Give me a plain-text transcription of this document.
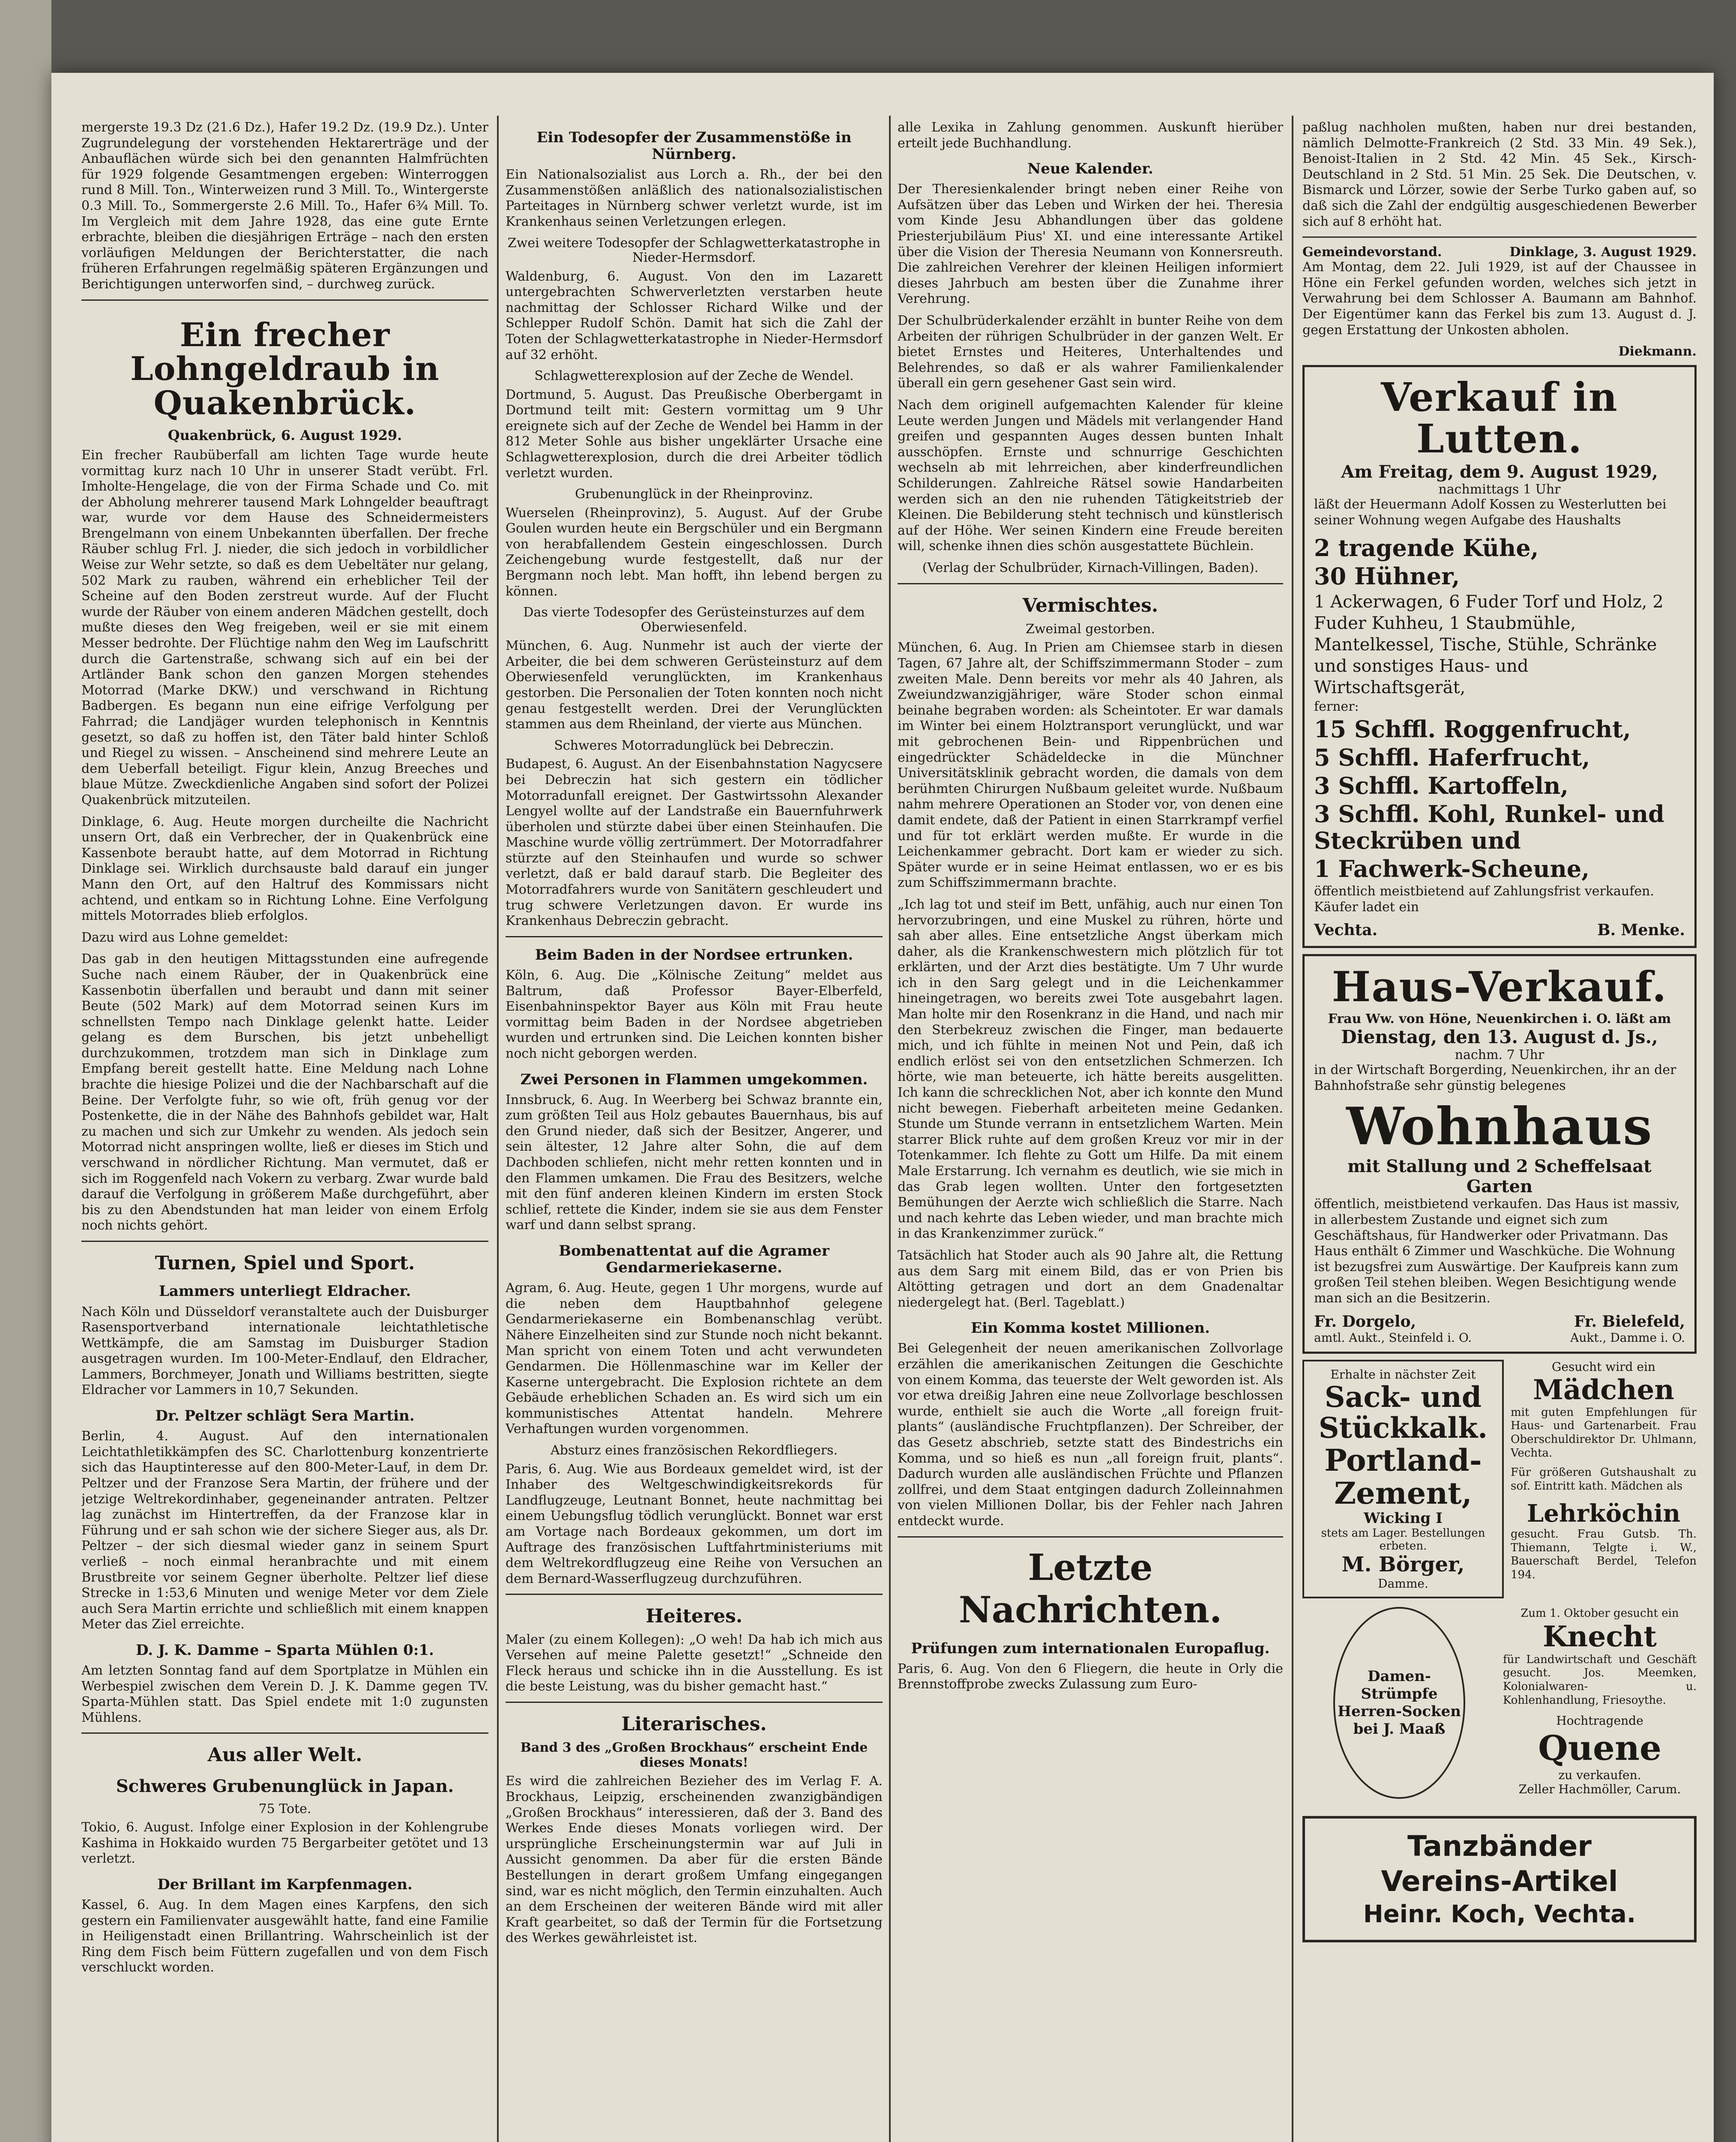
mergerste 19.3 Dz (21.6 Dz.), Hafer 19.2 Dz. (19.9 Dz.). Unter Zugrundelegung der vorstehenden Hektarerträge und der Anbauflächen würde sich bei den genannten Halmfrüchten für 1929 folgende Gesamtmengen ergeben: Winterroggen rund 8 Mill. Ton., Winterweizen rund 3 Mill. To., Wintergerste 0.3 Mill. To., Sommergerste 2.6 Mill. To., Hafer 6¾ Mill. To. Im Vergleich mit dem Jahre 1928, das eine gute Ernte erbrachte, bleiben die diesjährigen Erträge – nach den ersten vorläufigen Meldungen der Berichterstatter, die nach früheren Erfahrungen regelmäßig späteren Ergänzungen und Berichtigungen unterworfen sind, – durchweg zurück.

Ein frecher Lohngeldraub in Quakenbrück.
Quakenbrück, 6. August 1929.

Ein frecher Raubüberfall am lichten Tage wurde heute vormittag kurz nach 10 Uhr in unserer Stadt verübt. Frl. Imholte-Hengelage, die von der Firma Schade und Co. mit der Abholung mehrerer tausend Mark Lohngelder beauftragt war, wurde vor dem Hause des Schneidermeisters Brengelmann von einem Unbekannten überfallen. Der freche Räuber schlug Frl. J. nieder, die sich jedoch in vorbildlicher Weise zur Wehr setzte, so daß es dem Uebeltäter nur gelang, 502 Mark zu rauben, während ein erheblicher Teil der Scheine auf den Boden zerstreut wurde. Auf der Flucht wurde der Räuber von einem anderen Mädchen gestellt, doch mußte dieses den Weg freigeben, weil er sie mit einem Messer bedrohte. Der Flüchtige nahm den Weg im Laufschritt durch die Gartenstraße, schwang sich auf ein bei der Artländer Bank schon den ganzen Morgen stehendes Motorrad (Marke DKW.) und verschwand in Richtung Badbergen. Es begann nun eine eifrige Verfolgung per Fahrrad; die Landjäger wurden telephonisch in Kenntnis gesetzt, so daß zu hoffen ist, den Täter bald hinter Schloß und Riegel zu wissen. – Anscheinend sind mehrere Leute an dem Ueberfall beteiligt. Figur klein, Anzug Breeches und blaue Mütze. Zweckdienliche Angaben sind sofort der Polizei Quakenbrück mitzuteilen.

Dinklage, 6. Aug. Heute morgen durcheilte die Nachricht unsern Ort, daß ein Verbrecher, der in Quakenbrück eine Kassenbote beraubt hatte, auf dem Motorrad in Richtung Dinklage sei. Wirklich durchsauste bald darauf ein junger Mann den Ort, auf den Haltruf des Kommissars nicht achtend, und entkam so in Richtung Lohne. Eine Verfolgung mittels Motorrades blieb erfolglos.

Dazu wird aus Lohne gemeldet:

Das gab in den heutigen Mittagsstunden eine aufregende Suche nach einem Räuber, der in Quakenbrück eine Kassenbotin überfallen und beraubt und dann mit seiner Beute (502 Mark) auf dem Motorrad seinen Kurs im schnellsten Tempo nach Dinklage gelenkt hatte. Leider gelang es dem Burschen, bis jetzt unbehelligt durchzukommen, trotzdem man sich in Dinklage zum Empfang bereit gestellt hatte. Eine Meldung nach Lohne brachte die hiesige Polizei und die der Nachbarschaft auf die Beine. Der Verfolgte fuhr, so wie oft, früh genug vor der Postenkette, die in der Nähe des Bahnhofs gebildet war, Halt zu machen und sich zur Umkehr zu wenden. Als jedoch sein Motorrad nicht anspringen wollte, ließ er dieses im Stich und verschwand in nördlicher Richtung. Man vermutet, daß er sich im Roggenfeld nach Vokern zu verbarg. Zwar wurde bald darauf die Verfolgung in größerem Maße durchgeführt, aber bis zu den Abendstunden hat man leider von einem Erfolg noch nichts gehört.

Turnen, Spiel und Sport.
Lammers unterliegt Eldracher.

Nach Köln und Düsseldorf veranstaltete auch der Duisburger Rasensportverband internationale leichtathletische Wettkämpfe, die am Samstag im Duisburger Stadion ausgetragen wurden. Im 100-Meter-Endlauf, den Eldracher, Lammers, Borchmeyer, Jonath und Williams bestritten, siegte Eldracher vor Lammers in 10,7 Sekunden.

Dr. Peltzer schlägt Sera Martin.

Berlin, 4. August. Auf den internationalen Leichtathletikkämpfen des SC. Charlottenburg konzentrierte sich das Hauptinteresse auf den 800-Meter-Lauf, in dem Dr. Peltzer und der Franzose Sera Martin, der frühere und der jetzige Weltrekordinhaber, gegeneinander antraten. Peltzer lag zunächst im Hintertreffen, da der Franzose klar in Führung und er sah schon wie der sichere Sieger aus, als Dr. Peltzer – der sich diesmal wieder ganz in seinem Spurt verließ – noch einmal heranbrachte und mit einem Brustbreite vor seinem Gegner überholte. Peltzer lief diese Strecke in 1:53,6 Minuten und wenige Meter vor dem Ziele auch Sera Martin errichte und schließlich mit einem knappen Meter das Ziel erreichte.

D. J. K. Damme – Sparta Mühlen 0:1.

Am letzten Sonntag fand auf dem Sportplatze in Mühlen ein Werbespiel zwischen dem Verein D. J. K. Damme gegen TV. Sparta-Mühlen statt. Das Spiel endete mit 1:0 zugunsten Mühlens.

Aus aller Welt.
Schweres Grubenunglück in Japan.
75 Tote.

Tokio, 6. August. Infolge einer Explosion in der Kohlengrube Kashima in Hokkaido wurden 75 Bergarbeiter getötet und 13 verletzt.

Der Brillant im Karpfenmagen.

Kassel, 6. Aug. In dem Magen eines Karpfens, den sich gestern ein Familienvater ausgewählt hatte, fand eine Familie in Heiligenstadt einen Brillantring. Wahrscheinlich ist der Ring dem Fisch beim Füttern zugefallen und von dem Fisch verschluckt worden.

Ein Todesopfer der Zusammenstöße in Nürnberg.

Ein Nationalsozialist aus Lorch a. Rh., der bei den Zusammenstößen anläßlich des nationalsozialistischen Parteitages in Nürnberg schwer verletzt wurde, ist im Krankenhaus seinen Verletzungen erlegen.

Zwei weitere Todesopfer der Schlagwetterkatastrophe in Nieder-Hermsdorf.

Waldenburg, 6. August. Von den im Lazarett untergebrachten Schwerverletzten verstarben heute nachmittag der Schlosser Richard Wilke und der Schlepper Rudolf Schön. Damit hat sich die Zahl der Toten der Schlagwetterkatastrophe in Nieder-Hermsdorf auf 32 erhöht.

Schlagwetterexplosion auf der Zeche de Wendel.

Dortmund, 5. August. Das Preußische Oberbergamt in Dortmund teilt mit: Gestern vormittag um 9 Uhr ereignete sich auf der Zeche de Wendel bei Hamm in der 812 Meter Sohle aus bisher ungeklärter Ursache eine Schlagwetterexplosion, durch die drei Arbeiter tödlich verletzt wurden.

Grubenunglück in der Rheinprovinz.

Wuerselen (Rheinprovinz), 5. August. Auf der Grube Goulen wurden heute ein Bergschüler und ein Bergmann von herabfallendem Gestein eingeschlossen. Durch Zeichengebung wurde festgestellt, daß nur der Bergmann noch lebt. Man hofft, ihn lebend bergen zu können.

Das vierte Todesopfer des Gerüsteinsturzes auf dem Oberwiesenfeld.

München, 6. Aug. Nunmehr ist auch der vierte der Arbeiter, die bei dem schweren Gerüsteinsturz auf dem Oberwiesenfeld verunglückten, im Krankenhaus gestorben. Die Personalien der Toten konnten noch nicht genau festgestellt werden. Drei der Verunglückten stammen aus dem Rheinland, der vierte aus München.

Schweres Motorradunglück bei Debreczin.

Budapest, 6. August. An der Eisenbahnstation Nagycsere bei Debreczin hat sich gestern ein tödlicher Motorradunfall ereignet. Der Gastwirtssohn Alexander Lengyel wollte auf der Landstraße ein Bauernfuhrwerk überholen und stürzte dabei über einen Steinhaufen. Die Maschine wurde völlig zertrümmert. Der Motorradfahrer stürzte auf den Steinhaufen und wurde so schwer verletzt, daß er bald darauf starb. Die Begleiter des Motorradfahrers wurde von Sanitätern geschleudert und trug schwere Verletzungen davon. Er wurde ins Krankenhaus Debreczin gebracht.

Beim Baden in der Nordsee ertrunken.

Köln, 6. Aug. Die „Kölnische Zeitung“ meldet aus Baltrum, daß Professor Bayer-Elberfeld, Eisenbahninspektor Bayer aus Köln mit Frau heute vormittag beim Baden in der Nordsee abgetrieben wurden und ertrunken sind. Die Leichen konnten bisher noch nicht geborgen werden.

Zwei Personen in Flammen umgekommen.

Innsbruck, 6. Aug. In Weerberg bei Schwaz brannte ein, zum größten Teil aus Holz gebautes Bauernhaus, bis auf den Grund nieder, daß sich der Besitzer, Angerer, und sein ältester, 12 Jahre alter Sohn, die auf dem Dachboden schliefen, nicht mehr retten konnten und in den Flammen umkamen. Die Frau des Besitzers, welche mit den fünf anderen kleinen Kindern im ersten Stock schlief, rettete die Kinder, indem sie sie aus dem Fenster warf und dann selbst sprang.

Bombenattentat auf die Agramer Gendarmeriekaserne.

Agram, 6. Aug. Heute, gegen 1 Uhr morgens, wurde auf die neben dem Hauptbahnhof gelegene Gendarmeriekaserne ein Bombenanschlag verübt. Nähere Einzelheiten sind zur Stunde noch nicht bekannt. Man spricht von einem Toten und acht verwundeten Gendarmen. Die Höllenmaschine war im Keller der Kaserne untergebracht. Die Explosion richtete an dem Gebäude erheblichen Schaden an. Es wird sich um ein kommunistisches Attentat handeln. Mehrere Verhaftungen wurden vorgenommen.

Absturz eines französischen Rekordfliegers.

Paris, 6. Aug. Wie aus Bordeaux gemeldet wird, ist der Inhaber des Weltgeschwindigkeitsrekords für Landflugzeuge, Leutnant Bonnet, heute nachmittag bei einem Uebungsflug tödlich verunglückt. Bonnet war erst am Vortage nach Bordeaux gekommen, um dort im Auftrage des französischen Luftfahrtministeriums mit dem Weltrekordflugzeug eine Reihe von Versuchen an dem Bernard-Wasserflugzeug durchzuführen.

Heiteres.

Maler (zu einem Kollegen): „O weh! Da hab ich mich aus Versehen auf meine Palette gesetzt!“ „Schneide den Fleck heraus und schicke ihn in die Ausstellung. Es ist die beste Leistung, was du bisher gemacht hast.“

Literarisches.
Band 3 des „Großen Brockhaus“ erscheint Ende dieses Monats!

Es wird die zahlreichen Bezieher des im Verlag F. A. Brockhaus, Leipzig, erscheinenden zwanzigbändigen „Großen Brockhaus“ interessieren, daß der 3. Band des Werkes Ende dieses Monats vorliegen wird. Der ursprüngliche Erscheinungstermin war auf Juli in Aussicht genommen. Da aber für die ersten Bände Bestellungen in derart großem Umfang eingegangen sind, war es nicht möglich, den Termin einzuhalten. Auch an dem Erscheinen der weiteren Bände wird mit aller Kraft gearbeitet, so daß der Termin für die Fortsetzung des Werkes gewährleistet ist.

alle Lexika in Zahlung genommen. Auskunft hierüber erteilt jede Buchhandlung.

Neue Kalender.

Der Theresienkalender bringt neben einer Reihe von Aufsätzen über das Leben und Wirken der hei. Theresia vom Kinde Jesu Abhandlungen über das goldene Priesterjubiläum Pius' XI. und eine interessante Artikel über die Vision der Theresia Neumann von Konnersreuth. Die zahlreichen Verehrer der kleinen Heiligen informiert dieses Jahrbuch am besten über die Zunahme ihrer Verehrung.

Der Schulbrüderkalender erzählt in bunter Reihe von dem Arbeiten der rührigen Schulbrüder in der ganzen Welt. Er bietet Ernstes und Heiteres, Unterhaltendes und Belehrendes, so daß er als wahrer Familienkalender überall ein gern gesehener Gast sein wird.

Nach dem originell aufgemachten Kalender für kleine Leute werden Jungen und Mädels mit verlangender Hand greifen und gespannten Auges dessen bunten Inhalt ausschöpfen. Ernste und schnurrige Geschichten wechseln ab mit lehrreichen, aber kinderfreundlichen Schilderungen. Zahlreiche Rätsel sowie Handarbeiten werden sich an den nie ruhenden Tätigkeitstrieb der Kleinen. Die Bebilderung steht technisch und künstlerisch auf der Höhe. Wer seinen Kindern eine Freude bereiten will, schenke ihnen dies schön ausgestattete Büchlein.

(Verlag der Schulbrüder, Kirnach-Villingen, Baden).

Vermischtes.
Zweimal gestorben.

München, 6. Aug. In Prien am Chiemsee starb in diesen Tagen, 67 Jahre alt, der Schiffszimmermann Stoder – zum zweiten Male. Denn bereits vor mehr als 40 Jahren, als Zweiundzwanzigjähriger, wäre Stoder schon einmal beinahe begraben worden: als Scheintoter. Er war damals im Winter bei einem Holztransport verunglückt, und war mit gebrochenen Bein- und Rippenbrüchen und eingedrückter Schädeldecke in die Münchner Universitätsklinik gebracht worden, die damals von dem berühmten Chirurgen Nußbaum geleitet wurde. Nußbaum nahm mehrere Operationen an Stoder vor, von denen eine damit endete, daß der Patient in einen Starrkrampf verfiel und für tot erklärt werden mußte. Er wurde in die Leichenkammer gebracht. Dort kam er wieder zu sich. Später wurde er in seine Heimat entlassen, wo er es bis zum Schiffszimmermann brachte.

„Ich lag tot und steif im Bett, unfähig, auch nur einen Ton hervorzubringen, und eine Muskel zu rühren, hörte und sah aber alles. Eine entsetzliche Angst überkam mich daher, als die Krankenschwestern mich plötzlich für tot erklärten, und der Arzt dies bestätigte. Um 7 Uhr wurde ich in den Sarg gelegt und in die Leichenkammer hineingetragen, wo bereits zwei Tote ausgebahrt lagen. Man holte mir den Rosenkranz in die Hand, und nach mir den Sterbekreuz zwischen die Finger, man bedauerte mich, und ich fühlte in meinen Not und Pein, daß ich endlich erlöst sei von den entsetzlichen Schmerzen. Ich hörte, wie man beteuerte, ich hätte bereits ausgelitten. Ich kann die schrecklichen Not, aber ich konnte den Mund nicht bewegen. Fieberhaft arbeiteten meine Gedanken. Stunde um Stunde verrann in entsetzlichem Warten. Mein starrer Blick ruhte auf dem großen Kreuz vor mir in der Totenkammer. Ich flehte zu Gott um Hilfe. Da mit einem Male Erstarrung. Ich vernahm es deutlich, wie sie mich in das Grab legen wollten. Unter den fortgesetzten Bemühungen der Aerzte wich schließlich die Starre. Nach und nach kehrte das Leben wieder, und man brachte mich in das Krankenzimmer zurück.“

Tatsächlich hat Stoder auch als 90 Jahre alt, die Rettung aus dem Sarg mit einem Bild, das er von Prien bis Altötting getragen und dort an dem Gnadenaltar niedergelegt hat. (Berl. Tageblatt.)

Ein Komma kostet Millionen.

Bei Gelegenheit der neuen amerikanischen Zollvorlage erzählen die amerikanischen Zeitungen die Geschichte von einem Komma, das teuerste der Welt geworden ist. Als vor etwa dreißig Jahren eine neue Zollvorlage beschlossen wurde, enthielt sie auch die Worte „all foreign fruit-plants“ (ausländische Fruchtpflanzen). Der Schreiber, der das Gesetz abschrieb, setzte statt des Bindestrichs ein Komma, und so hieß es nun „all foreign fruit, plants“. Dadurch wurden alle ausländischen Früchte und Pflanzen zollfrei, und dem Staat entgingen dadurch Zolleinnahmen von vielen Millionen Dollar, bis der Fehler nach Jahren entdeckt wurde.

Letzte Nachrichten.
Prüfungen zum internationalen Europaflug.

Paris, 6. Aug. Von den 6 Fliegern, die heute in Orly die Brennstoffprobe zwecks Zulassung zum Euro-

paßlug nachholen mußten, haben nur drei bestanden, nämlich Delmotte-Frankreich (2 Std. 33 Min. 49 Sek.), Benoist-Italien in 2 Std. 42 Min. 45 Sek., Kirsch-Deutschland in 2 Std. 51 Min. 25 Sek. Die Deutschen, v. Bismarck und Lörzer, sowie der Serbe Turko gaben auf, so daß sich die Zahl der endgültig ausgeschiedenen Bewerber sich auf 8 erhöht hat.

Gemeindevorstand.	Dinklage, 3. August 1929.

Am Montag, dem 22. Juli 1929, ist auf der Chaussee in Höne ein Ferkel gefunden worden, welches sich jetzt in Verwahrung bei dem Schlosser A. Baumann am Bahnhof. Der Eigentümer kann das Ferkel bis zum 13. August d. J. gegen Erstattung der Unkosten abholen.

Diekmann.
Verkauf in Lutten.
Am Freitag, dem 9. August 1929,
nachmittags 1 Uhr

läßt der Heuermann Adolf Kossen zu Westerlutten bei seiner Wohnung wegen Aufgabe des Haushalts

2 tragende Kühe,
30 Hühner,
1 Ackerwagen, 6 Fuder Torf und Holz, 2 Fuder Kuhheu, 1 Staubmühle, Mantelkessel, Tische, Stühle, Schränke und sonstiges Haus- und Wirtschaftsgerät,
ferner:
15 Schffl. Roggenfrucht,
5 Schffl. Haferfrucht,
3 Schffl. Kartoffeln,
3 Schffl. Kohl, Runkel- und Steckrüben und
1 Fachwerk-Scheune,

öffentlich meistbietend auf Zahlungsfrist verkaufen. Käufer ladet ein

Vechta.	B. Menke.
Haus-Verkauf.
Frau Ww. von Höne, Neuenkirchen i. O. läßt am
Dienstag, den 13. August d. Js.,
nachm. 7 Uhr

in der Wirtschaft Borgerding, Neuenkirchen, ihr an der Bahnhofstraße sehr günstig belegenes

Wohnhaus
mit Stallung und 2 Scheffelsaat Garten

öffentlich, meistbietend verkaufen. Das Haus ist massiv, in allerbestem Zustande und eignet sich zum Geschäftshaus, für Handwerker oder Privatmann. Das Haus enthält 6 Zimmer und Waschküche. Die Wohnung ist bezugsfrei zum Auswärtige. Der Kaufpreis kann zum großen Teil stehen bleiben. Wegen Besichtigung wende man sich an die Besitzerin.

Fr. Dorgelo,	Fr. Bielefeld,
amtl. Aukt., Steinfeld i. O.	Aukt., Damme i. O.
Erhalte in nächster Zeit
Sack- und Stückkalk.
Portland-Zement,
Wicking I
stets am Lager. Bestellungen erbeten.
M. Börger,
Damme.
Gesucht wird ein
Mädchen

mit guten Empfehlungen für Haus- und Gartenarbeit. Frau Oberschuldirektor Dr. Uhlmann, Vechta.

Für größeren Gutshaushalt zu sof. Eintritt kath. Mädchen als

Lehrköchin

gesucht. Frau Gutsb. Th. Thiemann, Telgte i. W., Bauerschaft Berdel, Telefon 194.

Damen-Strümpfe
Herren-Socken
bei J. Maaß
Zum 1. Oktober gesucht ein
Knecht

für Landwirtschaft und Geschäft gesucht. Jos. Meemken, Kolonialwaren- u. Kohlenhandlung, Friesoythe.

Hochtragende
Quene
zu verkaufen.
Zeller Hachmöller, Carum.
Tanzbänder
Vereins-Artikel
Heinr. Koch, Vechta.
